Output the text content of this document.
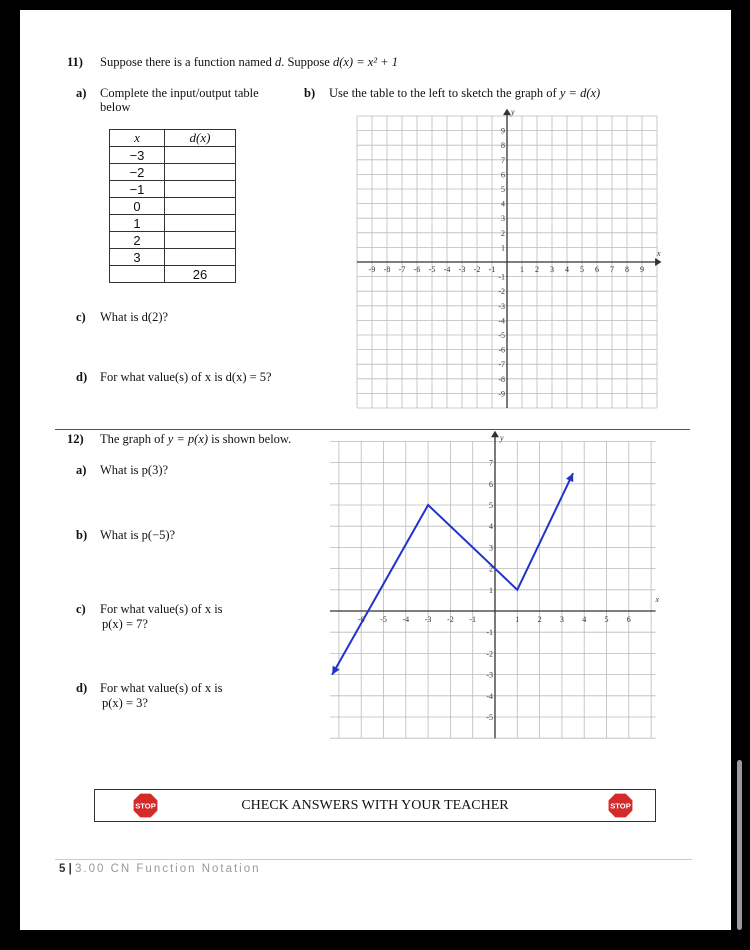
11) Suppose there is a function named d. Suppose d(x) = x² + 1
a) Complete the input/output table
below
b) Use the table to the left to sketch the graph of y = d(x)
x	d(x)
−3	
−2	
−1	
0	
1	
2	
3	
	26
c) What is d(2)?
d) For what value(s) of x is d(x) = 5?
x
y
-9 -8 -7 -6 -5 -4 -3 -2 -1	1 2 3 4 5 6 7 8 9
9
8
7
6
5
4
3
2
1
-1
-2
-3
-4
-5
-6
-7
-8
-9
12) The graph of y = p(x) is shown below.
a) What is p(3)?
b) What is p(−5)?
c) For what value(s) of x is
p(x) = 7?
d) For what value(s) of x is
p(x) = 3?
x
y
-6 -5 -4 -3 -2 -1	1 2 3 4 5 6
7
6
5
4
3
2
1
-1
-2
-3
-4
-5
STOP	CHECK ANSWERS WITH YOUR TEACHER	STOP
5 | 3.00 CN Function Notation
